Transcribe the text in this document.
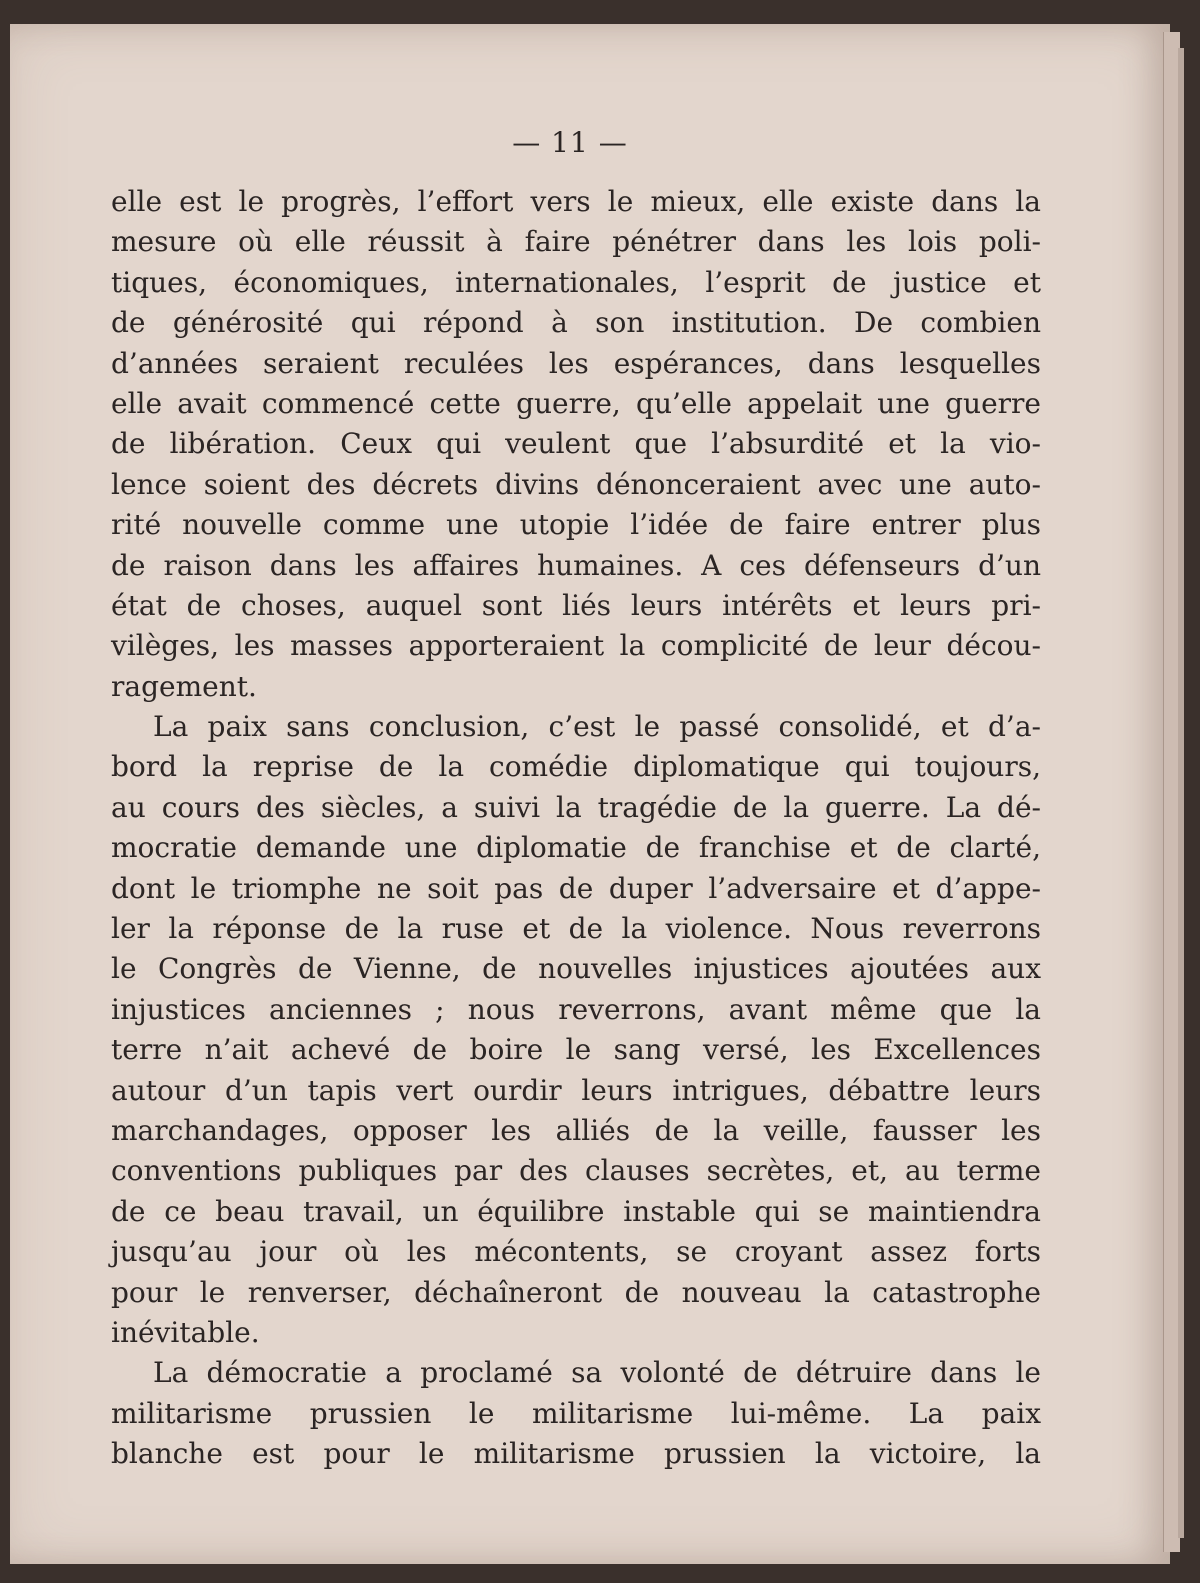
— 11 —
elle est le progrès, l’effort vers le mieux, elle existe dans la
mesure où elle réussit à faire pénétrer dans les lois poli-
tiques, économiques, internationales, l’esprit de justice et
de générosité qui répond à son institution. De combien
d’années seraient reculées les espérances, dans lesquelles
elle avait commencé cette guerre, qu’elle appelait une guerre
de libération. Ceux qui veulent que l’absurdité et la vio-
lence soient des décrets divins dénonceraient avec une auto-
rité nouvelle comme une utopie l’idée de faire entrer plus
de raison dans les affaires humaines. A ces défenseurs d’un
état de choses, auquel sont liés leurs intérêts et leurs pri-
vilèges, les masses apporteraient la complicité de leur décou-
ragement.
La paix sans conclusion, c’est le passé consolidé, et d’a-
bord la reprise de la comédie diplomatique qui toujours,
au cours des siècles, a suivi la tragédie de la guerre. La dé-
mocratie demande une diplomatie de franchise et de clarté,
dont le triomphe ne soit pas de duper l’adversaire et d’appe-
ler la réponse de la ruse et de la violence. Nous reverrons
le Congrès de Vienne, de nouvelles injustices ajoutées aux
injustices anciennes ; nous reverrons, avant même que la
terre n’ait achevé de boire le sang versé, les Excellences
autour d’un tapis vert ourdir leurs intrigues, débattre leurs
marchandages, opposer les alliés de la veille, fausser les
conventions publiques par des clauses secrètes, et, au terme
de ce beau travail, un équilibre instable qui se maintiendra
jusqu’au jour où les mécontents, se croyant assez forts
pour le renverser, déchaîneront de nouveau la catastrophe
inévitable.
La démocratie a proclamé sa volonté de détruire dans le
militarisme prussien le militarisme lui-même. La paix
blanche est pour le militarisme prussien la victoire, la
